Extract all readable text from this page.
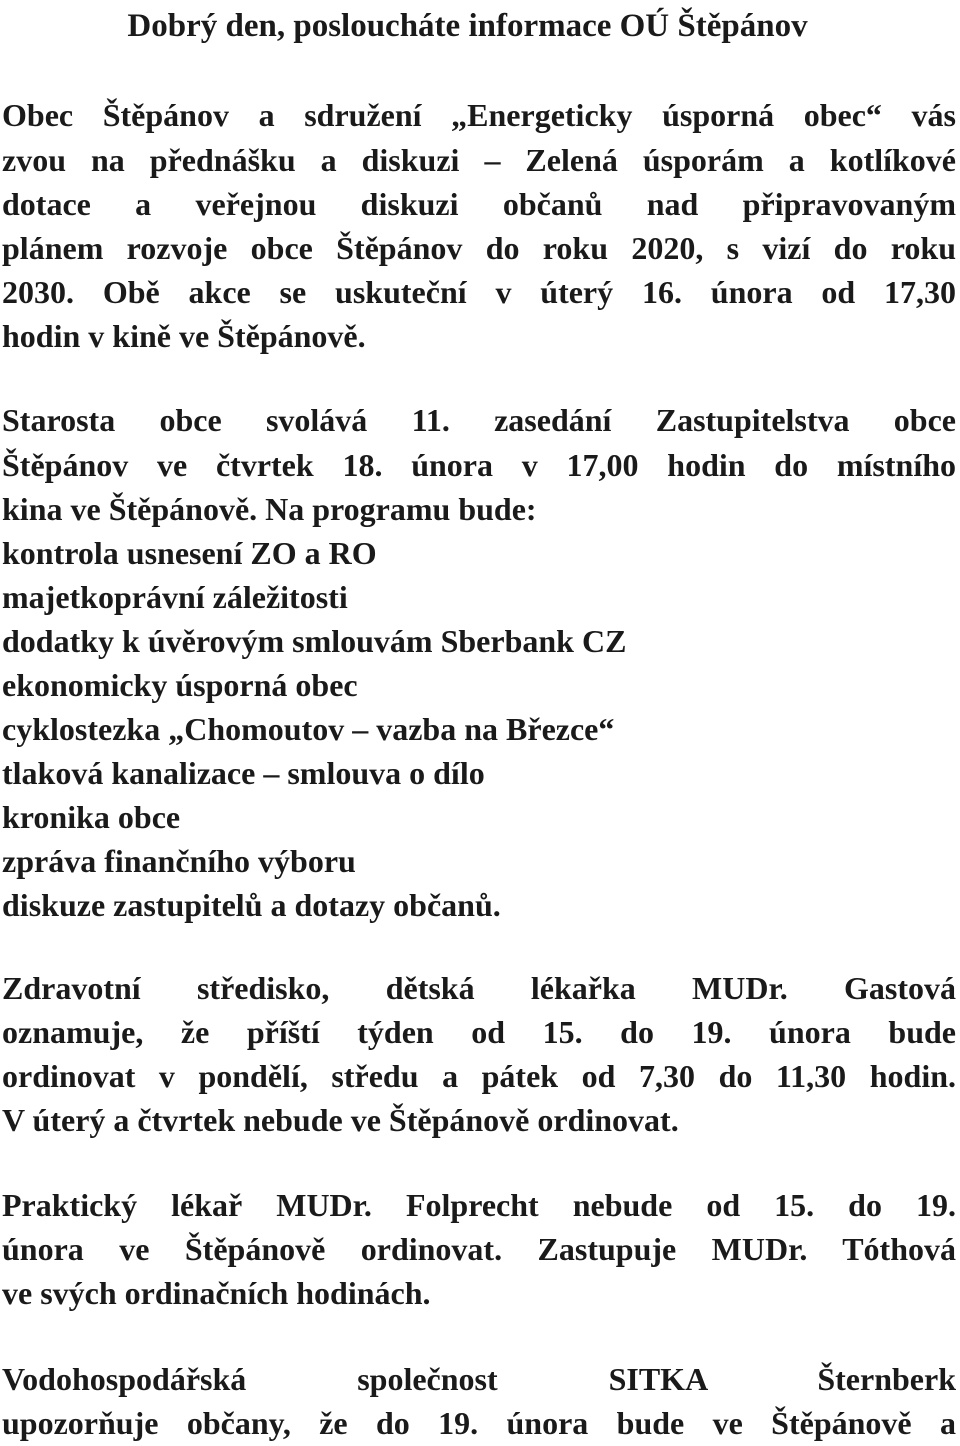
Dobrý den, posloucháte informace OÚ Štěpánov
Obec Štěpánov a sdružení „Energeticky úsporná obec“ vás
zvou na přednášku a diskuzi – Zelená úsporám a kotlíkové
dotace a veřejnou diskuzi občanů nad připravovaným
plánem rozvoje obce Štěpánov do roku 2020, s vizí do roku
2030. Obě akce se uskuteční v úterý 16. února od 17,30
hodin v kině ve Štěpánově.
Starosta obce svolává 11. zasedání Zastupitelstva obce
Štěpánov ve čtvrtek 18. února v 17,00 hodin do místního
kina ve Štěpánově. Na programu bude:
kontrola usnesení ZO a RO
majetkoprávní záležitosti
dodatky k úvěrovým smlouvám Sberbank CZ
ekonomicky úsporná obec
cyklostezka „Chomoutov – vazba na Březce“
tlaková kanalizace – smlouva o dílo
kronika obce
zpráva finančního výboru
diskuze zastupitelů a dotazy občanů.
Zdravotní středisko, dětská lékařka MUDr. Gastová
oznamuje, že příští týden od 15. do 19. února bude
ordinovat v pondělí, středu a pátek od 7,30 do 11,30 hodin.
V úterý a čtvrtek nebude ve Štěpánově ordinovat.
Praktický lékař MUDr. Folprecht nebude od 15. do 19.
února ve Štěpánově ordinovat. Zastupuje MUDr. Tóthová
ve svých ordinačních hodinách.
Vodohospodářská společnost SITKA Šternberk
upozorňuje občany, že do 19. února bude ve Štěpánově a
